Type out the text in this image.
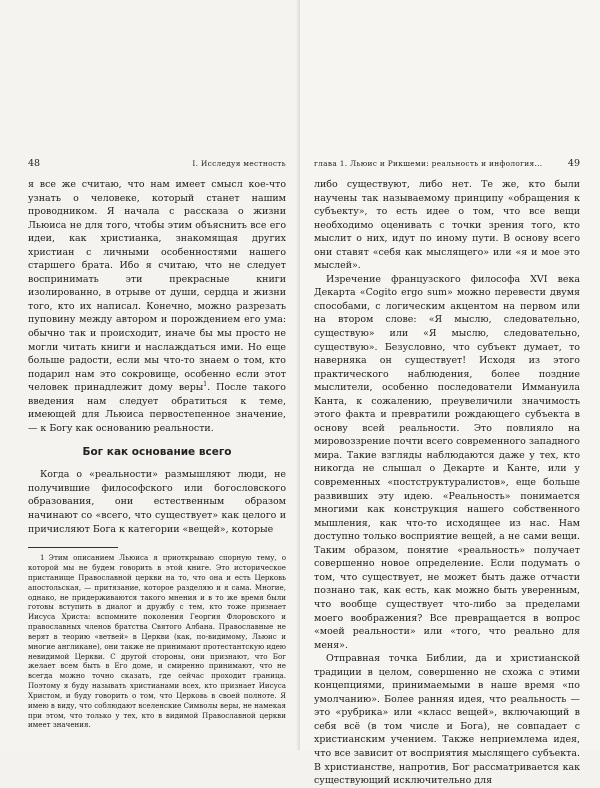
48	I. Исследуя местность

я все же считаю, что нам имеет смысл кое-что узнать о человеке, который станет нашим проводником. Я начала с рассказа о жизни Льюиса не для того, чтобы этим объяснить все его идеи, как христианка, знакомящая других христиан с личными особенностями нашего старшего брата. Ибо я считаю, что не следует воспринимать эти прекрасные книги изолированно, в отрыве от души, сердца и жизни того, кто их написал. Конечно, можно разрезать пуповину между автором и порождением его ума: обычно так и происходит, иначе бы мы просто не могли читать книги и наслаждаться ими. Но еще больше радости, если мы что-то знаем о том, кто подарил нам это сокровище, особенно если этот человек принадлежит дому веры$^1$. После такого введения нам следует обратиться к теме, имеющей для Льюиса первостепенное значение, — к Богу как основанию реальности.

Бог как основание всего

Когда о «реальности» размышляют люди, не получившие философского или богословского образования, они естественным образом начинают со «всего, что существует» как целого и причисляют Бога к категории «вещей», которые

1 Этим описанием Льюиса я приоткрываю спорную тему, о которой мы не будем говорить в этой книге. Это историческое пристанище Православной церкви на то, что она и есть Церковь апостольская, — притязание, которое разделяю и я сама. Многие, однако, не придерживаются такого мнения и в то же время были готовы вступить в диалог и дружбу с тем, кто тоже признает Иисуса Христа: вспомните поколения Георгия Флоровского и православных членов братства Святого Албана. Православные не верят в теорию «ветвей» в Церкви (как, по-видимому, Льюис и многие англикане), они также не принимают протестантскую идею невидимой Церкви. С другой стороны, они признают, что Бог желает всем быть в Его доме, и смиренно принимают, что не всегда можно точно сказать, где сейчас проходит граница. Поэтому я буду называть христианами всех, кто признает Иисуса Христом, и буду говорить о том, что Церковь в своей полноте. Я имею в виду, что соблюдают вселенские Символы веры, не намекая при этом, что только у тех, кто в видимой Православной церкви имеет значения.

глава 1. Льюис и Рикшеми: реальность и инфология...	49

либо существуют, либо нет. Те же, кто были научены так называемому принципу «обращения к субъекту», то есть идее о том, что все вещи необходимо оценивать с точки зрения того, кто мыслит о них, идут по иному пути. В основу всего они ставят «себя как мыслящего» или «я и мое это мыслей».

Изречение французского философа XVI века Декарта «Cogito ergo sum» можно перевести двумя способами, с логическим акцентом на первом или на втором слове: «Я мыслю, следовательно, существую» или «Я мыслю, следовательно, существую». Безусловно, что субъект думает, то наверняка он существует! Исходя из этого практического наблюдения, более поздние мыслители, особенно последователи Иммануила Канта, к сожалению, преувеличили значимость этого факта и превратили рождающего субъекта в основу всей реальности. Это повлияло на мировоззрение почти всего современного западного мира. Такие взгляды наблюдаются даже у тех, кто никогда не слышал о Декарте и Канте, или у современных «постструктуралистов», еще больше развивших эту идею. «Реальность» понимается многими как конструкция нашего собственного мышления, как что-то исходящее из нас. Нам доступно только восприятие вещей, а не сами вещи. Таким образом, понятие «реальность» получает совершенно новое определение. Если подумать о том, что существует, не может быть даже отчасти познано так, как есть, как можно быть уверенным, что вообще существует что-либо за пределами моего воображения? Все превращается в вопрос «моей реальности» или «того, что реально для меня».

Отправная точка Библии, да и христианской традиции в целом, совершенно не схожа с этими концепциями, принимаемыми в наше время «по умолчанию». Более ранняя идея, что реальность — это «рубрика» или «класс вещей», включающий в себя всё (в том числе и Бога), не совпадает с христианским учением. Также неприемлема идея, что все зависит от восприятия мыслящего субъекта. В христианстве, напротив, Бог рассматривается как существующий исключительно для
